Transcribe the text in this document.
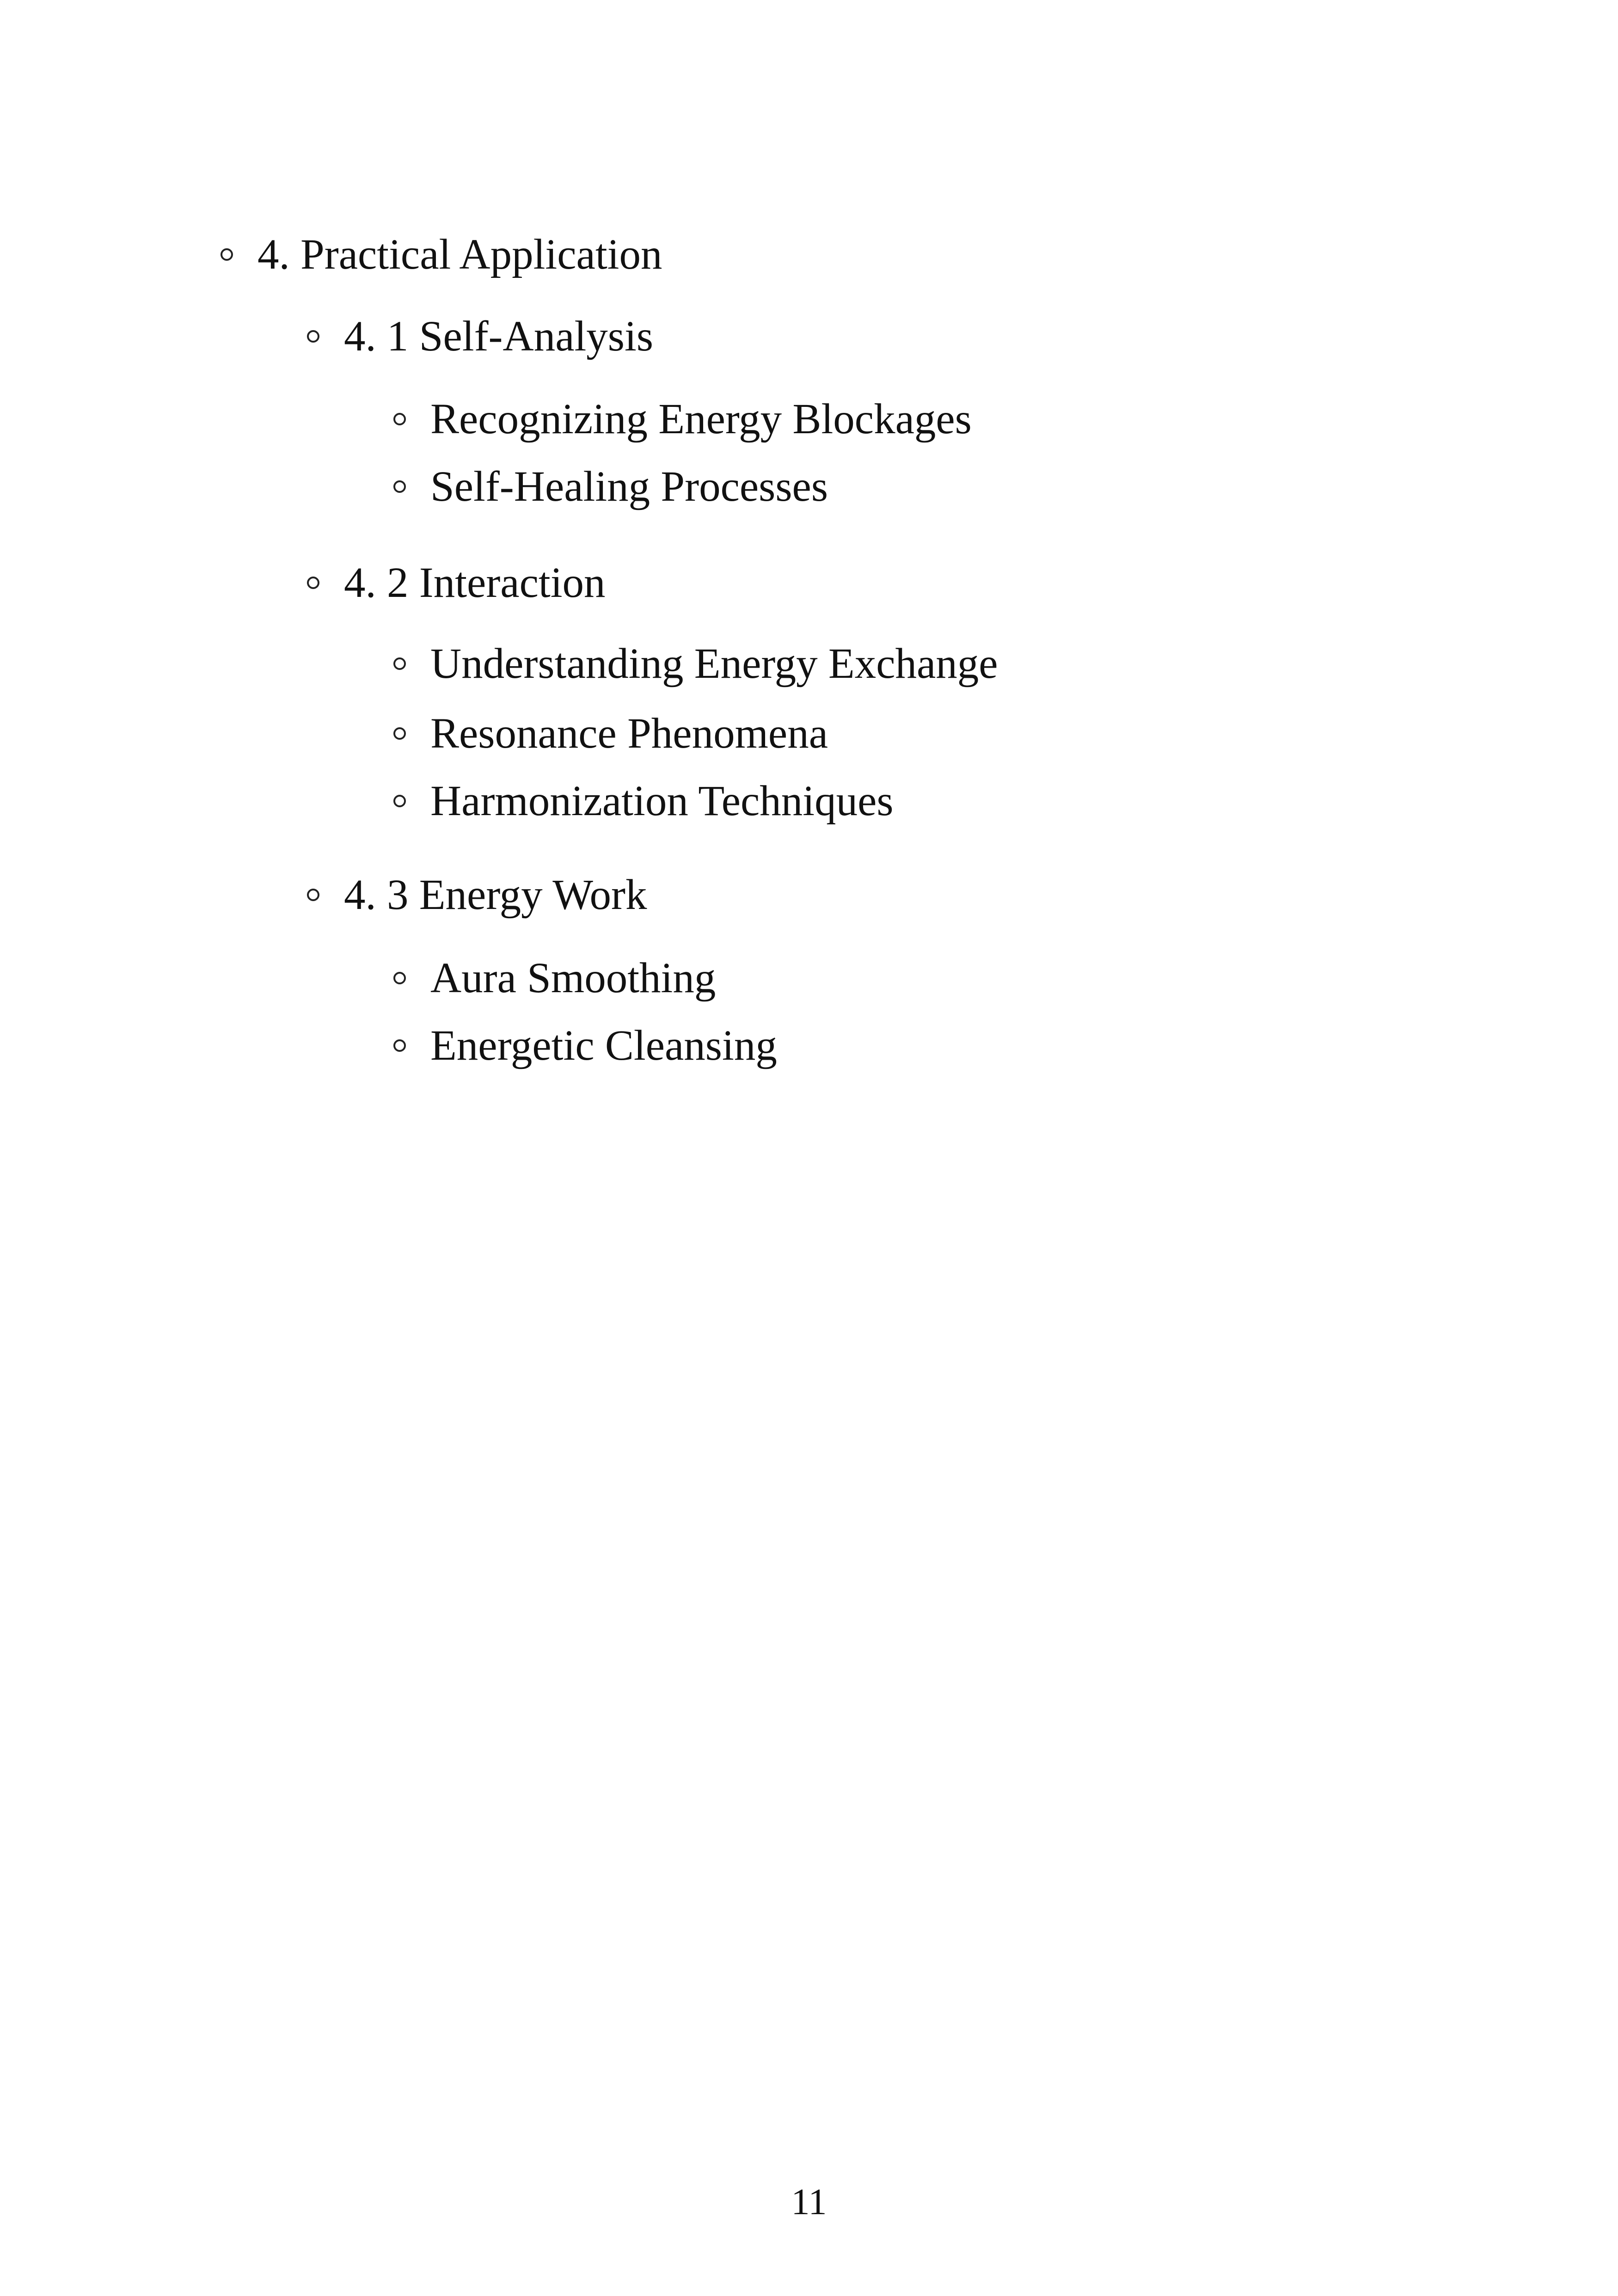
4. Practical Application
4. 1 Self-Analysis
Recognizing Energy Blockages
Self-Healing Processes
4. 2 Interaction
Understanding Energy Exchange
Resonance Phenomena
Harmonization Techniques
4. 3 Energy Work
Aura Smoothing
Energetic Cleansing
11
